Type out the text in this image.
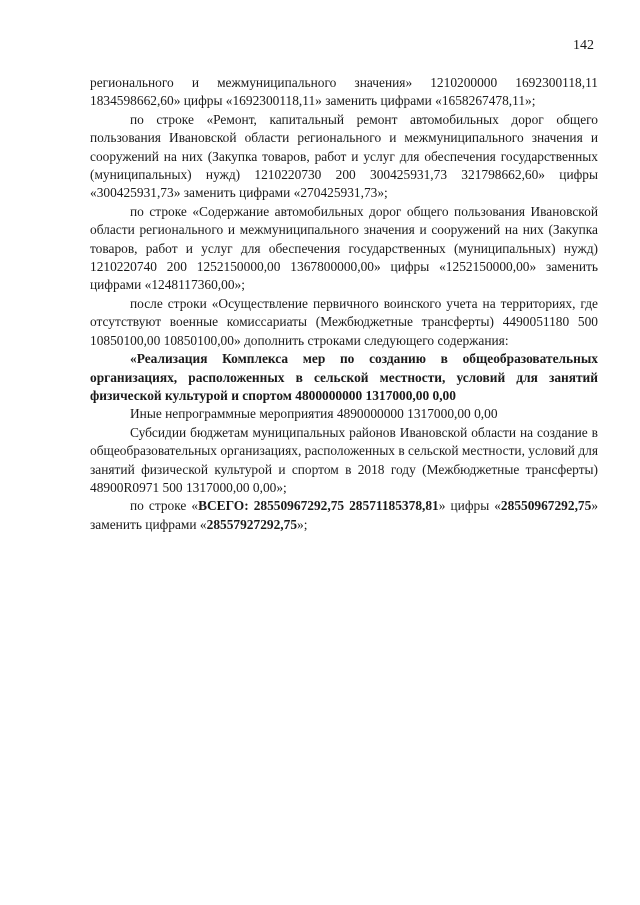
142

регионального и межмуниципального значения» 1210200000 1692300118,11 1834598662,60» цифры «1692300118,11» заменить цифрами «1658267478,11»;

по строке «Ремонт, капитальный ремонт автомобильных дорог общего пользования Ивановской области регионального и межмуниципального значения и сооружений на них (Закупка товаров, работ и услуг для обеспечения государственных (муниципальных) нужд) 1210220730 200 300425931,73 321798662,60» цифры «300425931,73» заменить цифрами «270425931,73»;

по строке «Содержание автомобильных дорог общего пользования Ивановской области регионального и межмуниципального значения и сооружений на них (Закупка товаров, работ и услуг для обеспечения государственных (муниципальных) нужд) 1210220740 200 1252150000,00 1367800000,00» цифры «1252150000,00» заменить цифрами «1248117360,00»;

после строки «Осуществление первичного воинского учета на территориях, где отсутствуют военные комиссариаты (Межбюджетные трансферты) 4490051180 500 10850100,00 10850100,00» дополнить строками следующего содержания:

«Реализация Комплекса мер по созданию в общеобразовательных организациях, расположенных в сельской местности, условий для занятий физической культурой и спортом 4800000000 1317000,00 0,00

Иные непрограммные мероприятия 4890000000 1317000,00 0,00

Субсидии бюджетам муниципальных районов Ивановской области на создание в общеобразовательных организациях, расположенных в сельской местности, условий для занятий физической культурой и спортом в 2018 году (Межбюджетные трансферты) 48900R0971 500 1317000,00 0,00»;

по строке «ВСЕГО: 28550967292,75 28571185378,81» цифры «28550967292,75» заменить цифрами «28557927292,75»;
